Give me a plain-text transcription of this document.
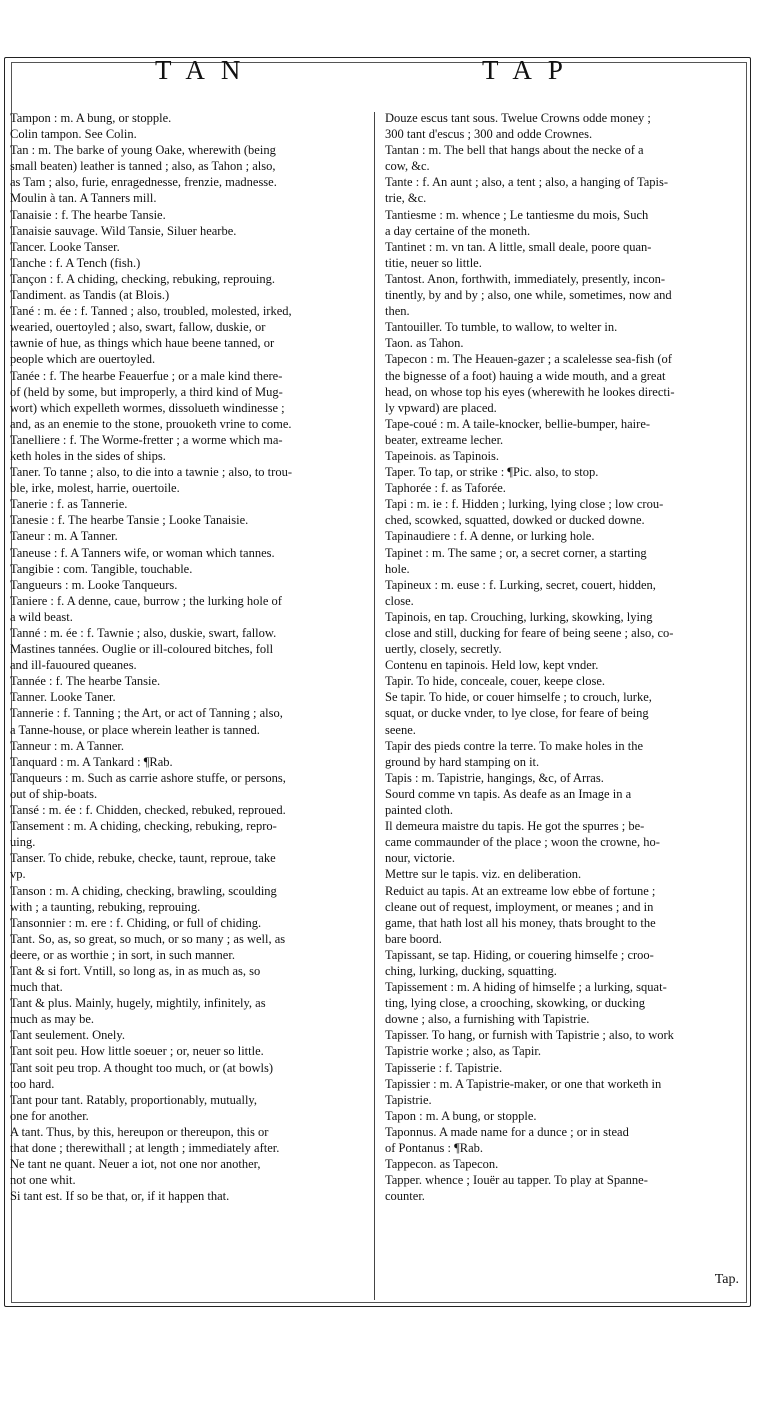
TAN	TAP
Tampon : m. A bung, or stopple.
Colin tampon. See Colin.
Tan : m. The barke of young Oake, wherewith (being
small beaten) leather is tanned ; also, as Tahon ; also,
as Tam ; also, furie, enragednesse, frenzie, madnesse.
Moulin à tan. A Tanners mill.
Tanaisie : f. The hearbe Tansie.
Tanaisie sauvage. Wild Tansie, Siluer hearbe.
Tancer. Looke Tanser.
Tanche : f. A Tench (fish.)
Tançon : f. A chiding, checking, rebuking, reprouing.
Tandiment. as Tandis (at Blois.)
Tané : m. ée : f. Tanned ; also, troubled, molested, irked,
wearied, ouertoyled ; also, swart, fallow, duskie, or
tawnie of hue, as things which haue beene tanned, or
people which are ouertoyled.
Tanée : f. The hearbe Feauerfue ; or a male kind there-
of (held by some, but improperly, a third kind of Mug-
wort) which expelleth wormes, dissolueth windinesse ;
and, as an enemie to the stone, prouoketh vrine to come.
Tanelliere : f. The Worme-fretter ; a worme which ma-
keth holes in the sides of ships.
Taner. To tanne ; also, to die into a tawnie ; also, to trou-
ble, irke, molest, harrie, ouertoile.
Tanerie : f. as Tannerie.
Tanesie : f. The hearbe Tansie ; Looke Tanaisie.
Taneur : m. A Tanner.
Taneuse : f. A Tanners wife, or woman which tannes.
Tangibie : com. Tangible, touchable.
Tangueurs : m. Looke Tanqueurs.
Taniere : f. A denne, caue, burrow ; the lurking hole of
a wild beast.
Tanné : m. ée : f. Tawnie ; also, duskie, swart, fallow.
Mastines tannées. Ouglie or ill-coloured bitches, foll
and ill-fauoured queanes.
Tannée : f. The hearbe Tansie.
Tanner. Looke Taner.
Tannerie : f. Tanning ; the Art, or act of Tanning ; also,
a Tanne-house, or place wherein leather is tanned.
Tanneur : m. A Tanner.
Tanquard : m. A Tankard : ¶Rab.
Tanqueurs : m. Such as carrie ashore stuffe, or persons,
out of ship-boats.
Tansé : m. ée : f. Chidden, checked, rebuked, reproued.
Tansement : m. A chiding, checking, rebuking, repro-
uing.
Tanser. To chide, rebuke, checke, taunt, reproue, take
vp.
Tanson : m. A chiding, checking, brawling, scoulding
with ; a taunting, rebuking, reprouing.
Tansonnier : m. ere : f. Chiding, or full of chiding.
Tant. So, as, so great, so much, or so many ; as well, as
deere, or as worthie ; in sort, in such manner.
Tant & si fort. Vntill, so long as, in as much as, so
much that.
Tant & plus. Mainly, hugely, mightily, infinitely, as
much as may be.
Tant seulement. Onely.
Tant soit peu. How little soeuer ; or, neuer so little.
Tant soit peu trop. A thought too much, or (at bowls)
too hard.
Tant pour tant. Ratably, proportionably, mutually,
one for another.
A tant. Thus, by this, hereupon or thereupon, this or
that done ; therewithall ; at length ; immediately after.
Ne tant ne quant. Neuer a iot, not one nor another,
not one whit.
Si tant est. If so be that, or, if it happen that.
Douze escus tant sous. Twelue Crowns odde money ;
300 tant d'escus ; 300 and odde Crownes.
Tantan : m. The bell that hangs about the necke of a
cow, &c.
Tante : f. An aunt ; also, a tent ; also, a hanging of Tapis-
trie, &c.
Tantiesme : m. whence ; Le tantiesme du mois, Such
a day certaine of the moneth.
Tantinet : m. vn tan. A little, small deale, poore quan-
titie, neuer so little.
Tantost. Anon, forthwith, immediately, presently, incon-
tinently, by and by ; also, one while, sometimes, now and
then.
Tantouiller. To tumble, to wallow, to welter in.
Taon. as Tahon.
Tapecon : m. The Heauen-gazer ; a scalelesse sea-fish (of
the bignesse of a foot) hauing a wide mouth, and a great
head, on whose top his eyes (wherewith he lookes directi-
ly vpward) are placed.
Tape-coué : m. A taile-knocker, bellie-bumper, haire-
beater, extreame lecher.
Tapeinois. as Tapinois.
Taper. To tap, or strike : ¶Pic. also, to stop.
Taphorée : f. as Taforée.
Tapi : m. ie : f. Hidden ; lurking, lying close ; low crou-
ched, scowked, squatted, dowked or ducked downe.
Tapinaudiere : f. A denne, or lurking hole.
Tapinet : m. The same ; or, a secret corner, a starting
hole.
Tapineux : m. euse : f. Lurking, secret, couert, hidden,
close.
Tapinois, en tap. Crouching, lurking, skowking, lying
close and still, ducking for feare of being seene ; also, co-
uertly, closely, secretly.
Contenu en tapinois. Held low, kept vnder.
Tapir. To hide, conceale, couer, keepe close.
Se tapir. To hide, or couer himselfe ; to crouch, lurke,
squat, or ducke vnder, to lye close, for feare of being
seene.
Tapir des pieds contre la terre. To make holes in the
ground by hard stamping on it.
Tapis : m. Tapistrie, hangings, &c, of Arras.
Sourd comme vn tapis. As deafe as an Image in a
painted cloth.
Il demeura maistre du tapis. He got the spurres ; be-
came commaunder of the place ; woon the crowne, ho-
nour, victorie.
Mettre sur le tapis. viz. en deliberation.
Reduict au tapis. At an extreame low ebbe of fortune ;
cleane out of request, imployment, or meanes ; and in
game, that hath lost all his money, thats brought to the
bare boord.
Tapissant, se tap. Hiding, or couering himselfe ; croo-
ching, lurking, ducking, squatting.
Tapissement : m. A hiding of himselfe ; a lurking, squat-
ting, lying close, a crooching, skowking, or ducking
downe ; also, a furnishing with Tapistrie.
Tapisser. To hang, or furnish with Tapistrie ; also, to work
Tapistrie worke ; also, as Tapir.
Tapisserie : f. Tapistrie.
Tapissier : m. A Tapistrie-maker, or one that worketh in
Tapistrie.
Tapon : m. A bung, or stopple.
Taponnus. A made name for a dunce ; or in stead
of Pontanus : ¶Rab.
Tappecon. as Tapecon.
Tapper. whence ; Iouër au tapper. To play at Spanne-
counter.
Tap.
